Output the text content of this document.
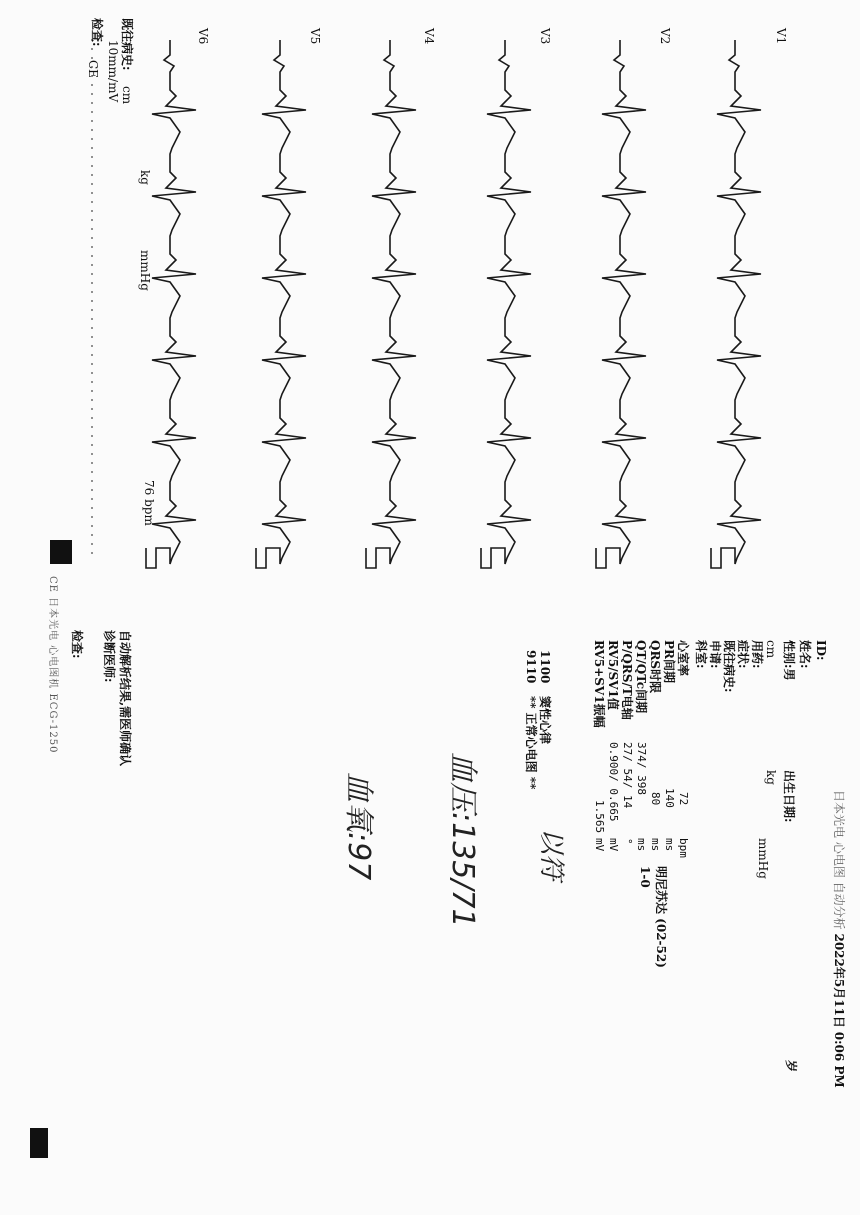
既往病史:
10mm/mV cm
kg
mmHg
76 bpm
V1
V2
V3
V4
V5
V6
检查:
CE
日本光电 心电图 自动分析 2022年5月11日 0:06 PM
ID:
姓名:
性别:男
cm
出生日期:
kg
mmHg
岁
用药:
症状:
既往病史:
申请:
科室:
心室率
PR间期
QRS时限
QT/QTc间期
P/QRS/T电轴
RV5/SV1值
RV5+SV1振幅
72
140
80
374/ 398
27/ 54/ 14
0.900/ 0.665
1.565
bpm
ms
ms
ms
°
mV
mV
明尼苏达 (02-52)
1-0
1100   窦性心律
9110   ** 正常心电图 **
自动解析结果,需医师确认
诊断医师:
检查:
CE 日本光电 心电图机 ECG-1250
血压:135/71
血氧:97	以符
